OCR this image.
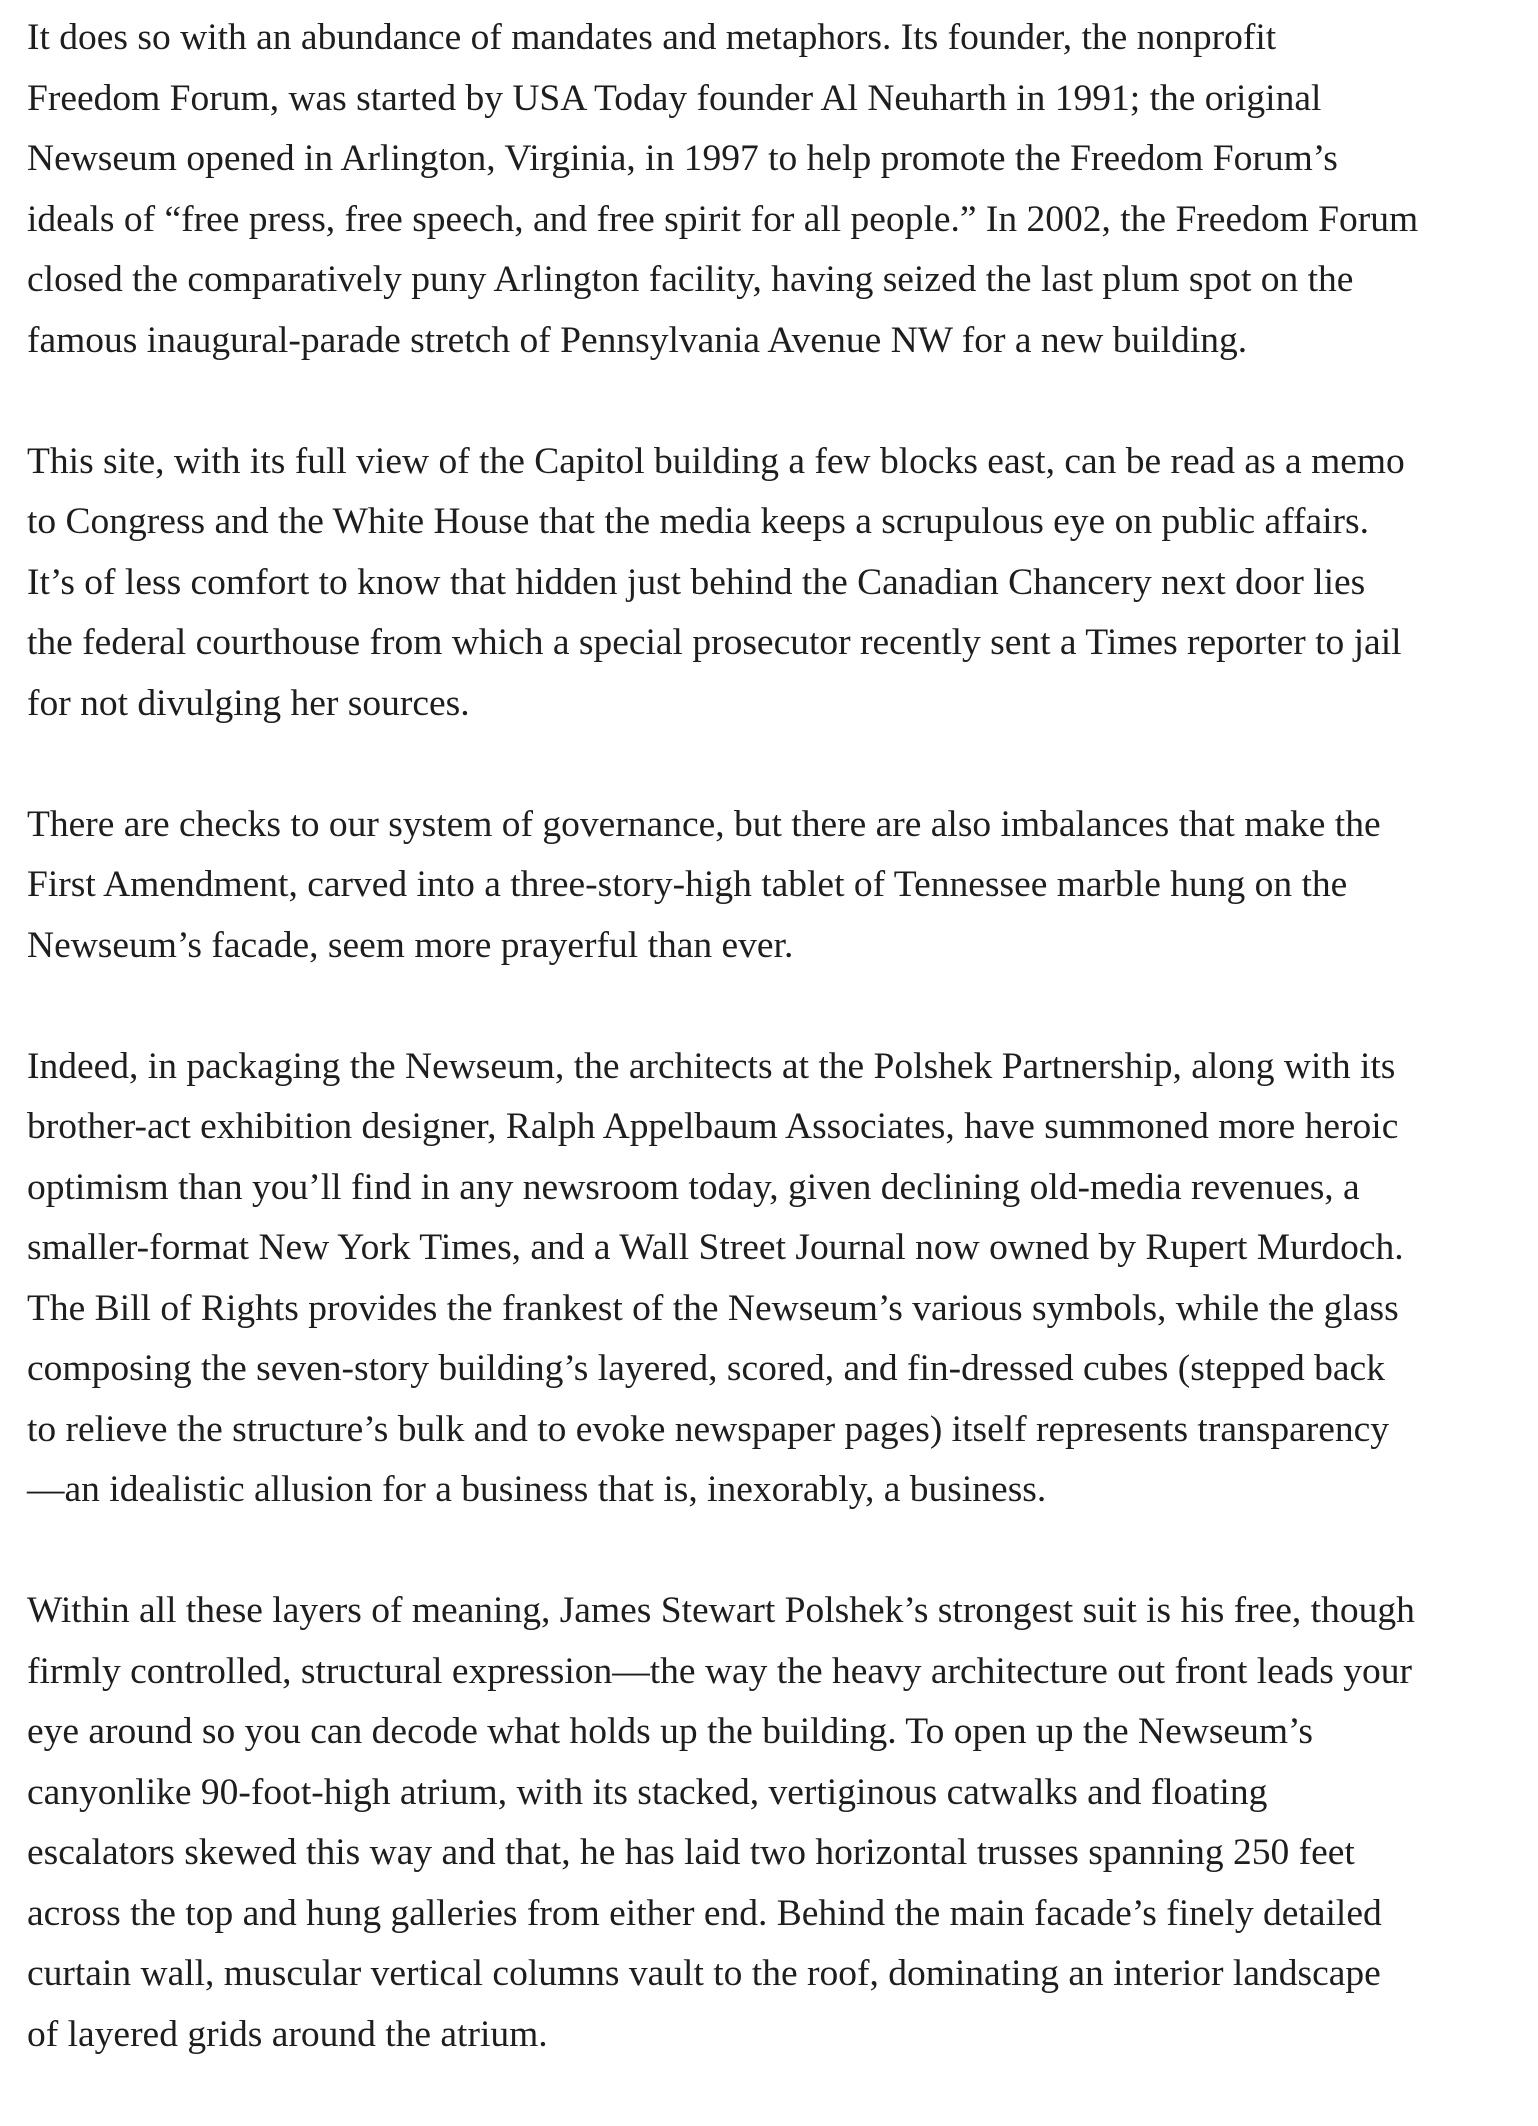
It does so with an abundance of mandates and metaphors. Its founder, the nonprofit
Freedom Forum, was started by USA Today founder Al Neuharth in 1991; the original
Newseum opened in Arlington, Virginia, in 1997 to help promote the Freedom Forum’s
ideals of “free press, free speech, and free spirit for all people.” In 2002, the Freedom Forum
closed the comparatively puny Arlington facility, having seized the last plum spot on the
famous inaugural-parade stretch of Pennsylvania Avenue NW for a new building.

This site, with its full view of the Capitol building a few blocks east, can be read as a memo
to Congress and the White House that the media keeps a scrupulous eye on public affairs.
It’s of less comfort to know that hidden just behind the Canadian Chancery next door lies
the federal courthouse from which a special prosecutor recently sent a Times reporter to jail
for not divulging her sources.

There are checks to our system of governance, but there are also imbalances that make the
First Amendment, carved into a three-story-high tablet of Tennessee marble hung on the
Newseum’s facade, seem more prayerful than ever.

Indeed, in packaging the Newseum, the architects at the Polshek Partnership, along with its
brother-act exhibition designer, Ralph Appelbaum Associates, have summoned more heroic
optimism than you’ll find in any newsroom today, given declining old-media revenues, a
smaller-format New York Times, and a Wall Street Journal now owned by Rupert Murdoch.
The Bill of Rights provides the frankest of the Newseum’s various symbols, while the glass
composing the seven-story building’s layered, scored, and fin-dressed cubes (stepped back
to relieve the structure’s bulk and to evoke newspaper pages) itself represents transparency
—an idealistic allusion for a business that is, inexorably, a business.

Within all these layers of meaning, James Stewart Polshek’s strongest suit is his free, though
firmly controlled, structural expression—the way the heavy architecture out front leads your
eye around so you can decode what holds up the building. To open up the Newseum’s
canyonlike 90-foot-high atrium, with its stacked, vertiginous catwalks and floating
escalators skewed this way and that, he has laid two horizontal trusses spanning 250 feet
across the top and hung galleries from either end. Behind the main facade’s finely detailed
curtain wall, muscular vertical columns vault to the roof, dominating an interior landscape
of layered grids around the atrium.
